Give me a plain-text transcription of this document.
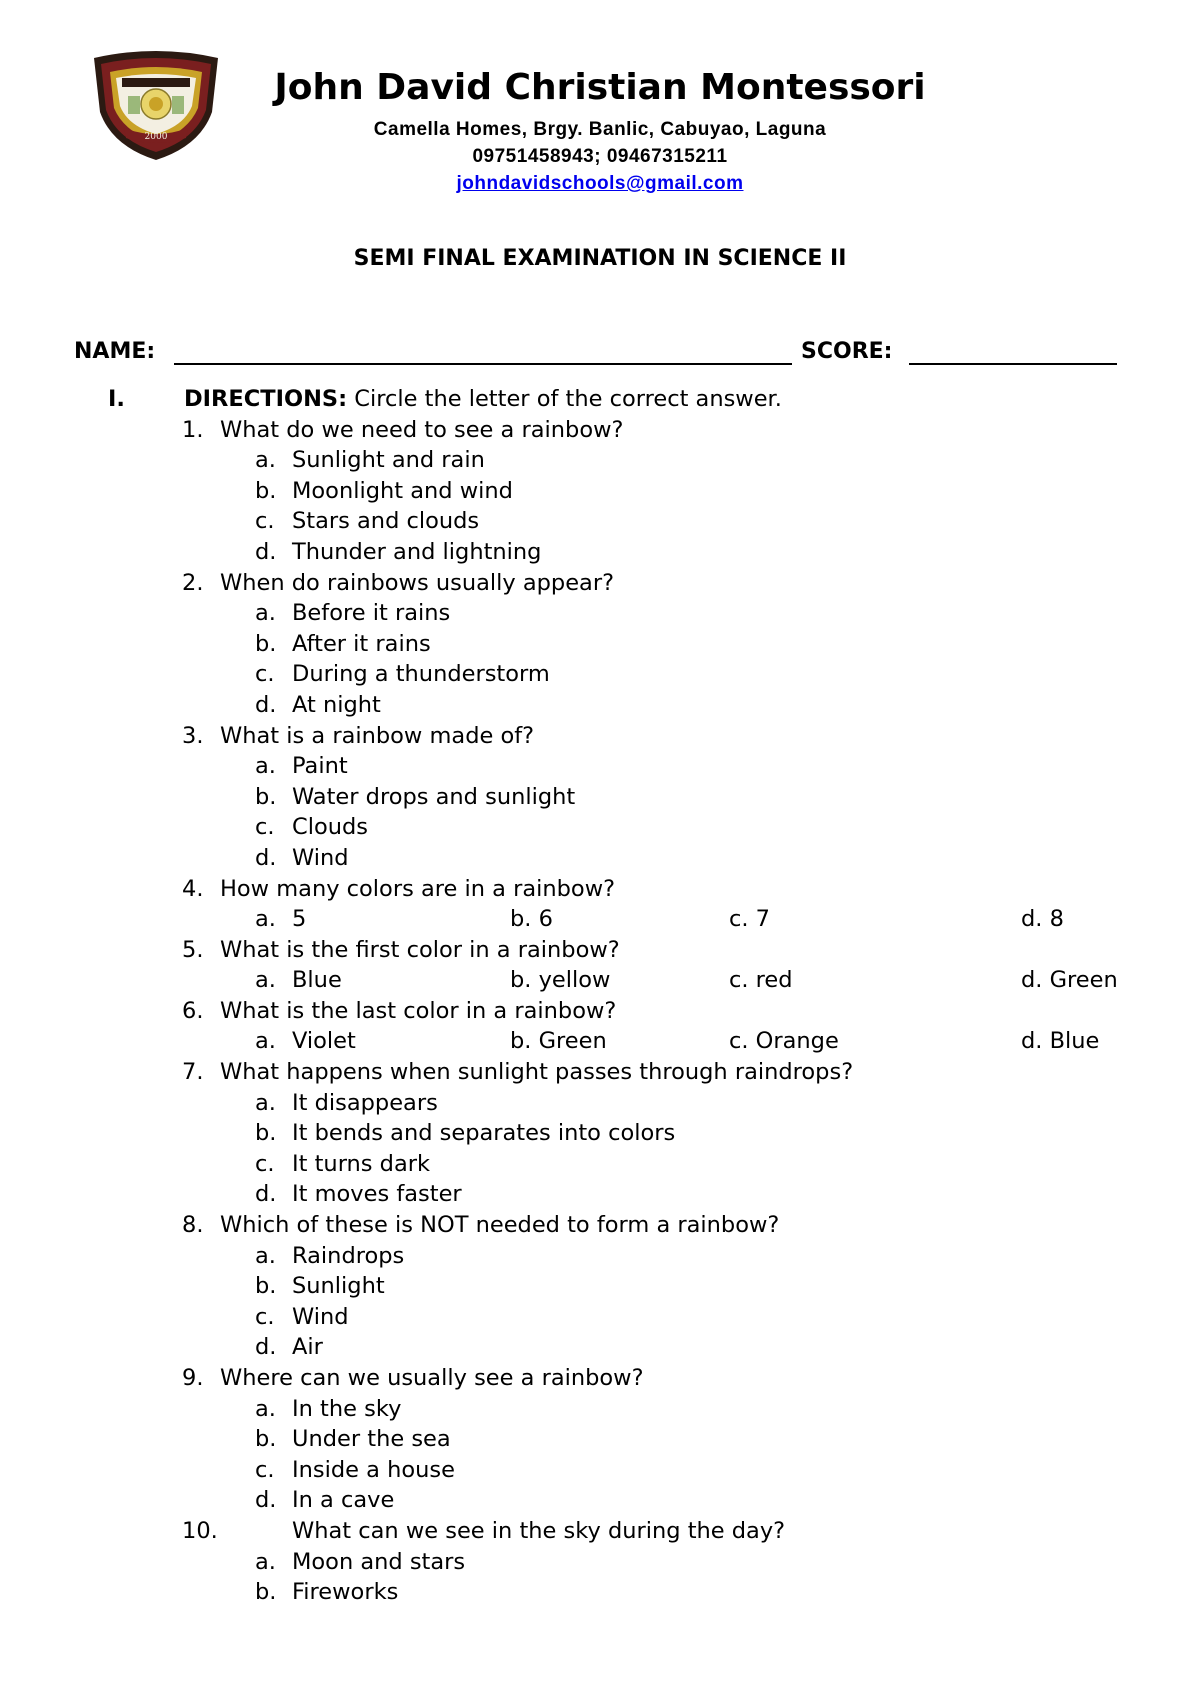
2000
John David Christian Montessori
Camella Homes, Brgy. Banlic, Cabuyao, Laguna
09751458943; 09467315211
johndavidschools@gmail.com
SEMI FINAL EXAMINATION IN SCIENCE II
NAME:	SCORE:
I.	DIRECTIONS: Circle the letter of the correct answer.
1. What do we need to see a rainbow?
a. Sunlight and rain
b. Moonlight and wind
c. Stars and clouds
d. Thunder and lightning
2. When do rainbows usually appear?
a. Before it rains
b. After it rains
c. During a thunderstorm
d. At night
3. What is a rainbow made of?
a. Paint
b. Water drops and sunlight
c. Clouds
d. Wind
4. How many colors are in a rainbow?
a. 5	b. 6	c. 7	d. 8
5. What is the first color in a rainbow?
a. Blue	b. yellow	c. red	d. Green
6. What is the last color in a rainbow?
a. Violet	b. Green	c. Orange	d. Blue
7. What happens when sunlight passes through raindrops?
a. It disappears
b. It bends and separates into colors
c. It turns dark
d. It moves faster
8. Which of these is NOT needed to form a rainbow?
a. Raindrops
b. Sunlight
c. Wind
d. Air
9. Where can we usually see a rainbow?
a. In the sky
b. Under the sea
c. Inside a house
d. In a cave
10.	What can we see in the sky during the day?
a. Moon and stars
b. Fireworks
